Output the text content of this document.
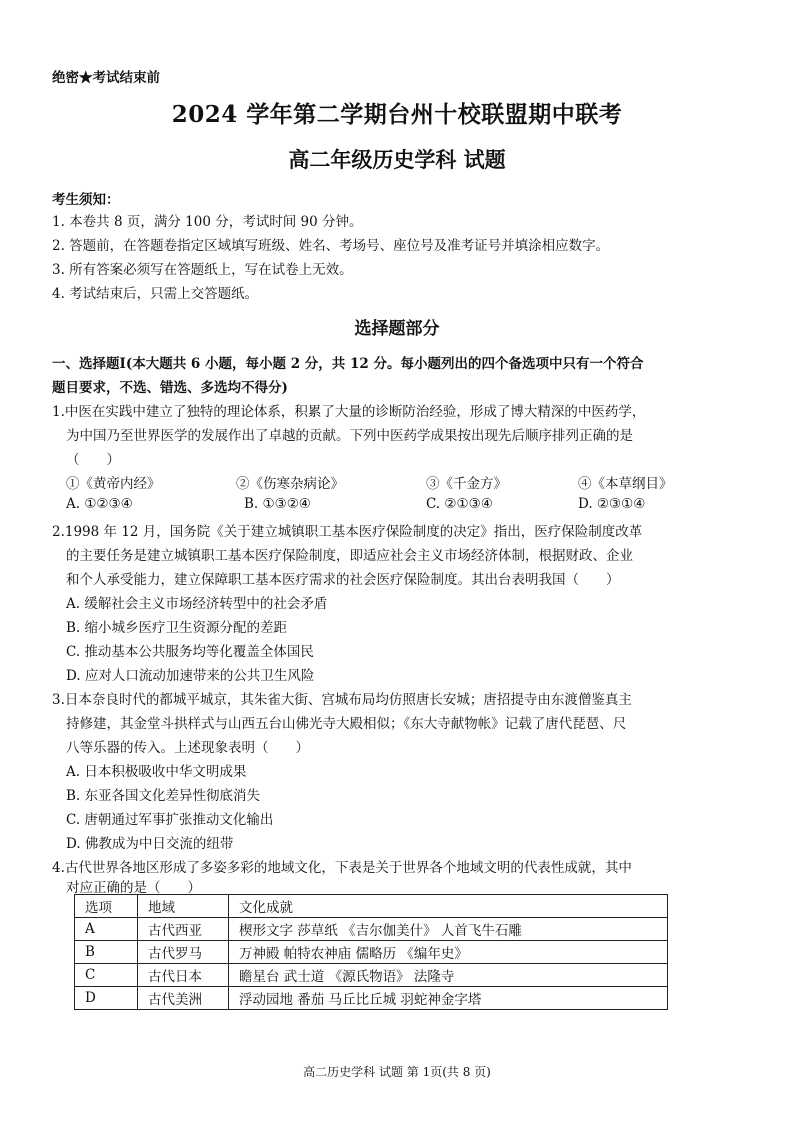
绝密★考试结束前
2024 学年第二学期台州十校联盟期中联考
高二年级历史学科 试题
考生须知：
1. 本卷共 8 页，满分 100 分，考试时间 90 分钟。
2. 答题前，在答题卷指定区域填写班级、姓名、考场号、座位号及准考证号并填涂相应数字。
3. 所有答案必须写在答题纸上，写在试卷上无效。
4. 考试结束后，只需上交答题纸。
选择题部分
一、选择题Ⅰ(本大题共 6 小题，每小题 2 分，共 12 分。每小题列出的四个备选项中只有一个符合
题目要求，不选、错选、多选均不得分)
1.中医在实践中建立了独特的理论体系，积累了大量的诊断防治经验，形成了博大精深的中医药学，
为中国乃至世界医学的发展作出了卓越的贡献。下列中医药学成果按出现先后顺序排列正确的是
（　　）
①《黄帝内经》	②《伤寒杂病论》	③《千金方》	④《本草纲目》
A. ①②③④	B. ①③②④	C. ②①③④	D. ②③①④
2.1998 年 12 月，国务院《关于建立城镇职工基本医疗保险制度的决定》指出，医疗保险制度改革
的主要任务是建立城镇职工基本医疗保险制度，即适应社会主义市场经济体制，根据财政、企业
和个人承受能力，建立保障职工基本医疗需求的社会医疗保险制度。其出台表明我国（　　）
A. 缓解社会主义市场经济转型中的社会矛盾
B. 缩小城乡医疗卫生资源分配的差距
C. 推动基本公共服务均等化覆盖全体国民
D. 应对人口流动加速带来的公共卫生风险
3.日本奈良时代的都城平城京，其朱雀大街、宫城布局均仿照唐长安城；唐招提寺由东渡僧鉴真主
持修建，其金堂斗拱样式与山西五台山佛光寺大殿相似；《东大寺献物帐》记载了唐代琵琶、尺
八等乐器的传入。上述现象表明（　　）
A. 日本积极吸收中华文明成果
B. 东亚各国文化差异性彻底消失
C. 唐朝通过军事扩张推动文化输出
D. 佛教成为中日交流的纽带
4.古代世界各地区形成了多姿多彩的地域文化，下表是关于世界各个地域文明的代表性成就，其中
对应正确的是（　　）
选项	地域	文化成就
A	古代西亚	楔形文字 莎草纸 《吉尔伽美什》 人首飞牛石雕
B	古代罗马	万神殿 帕特农神庙 儒略历 《编年史》
C	古代日本	瞻星台 武士道 《源氏物语》 法隆寺
D	古代美洲	浮动园地 番茄 马丘比丘城 羽蛇神金字塔
高二历史学科 试题 第 1页(共 8 页)
